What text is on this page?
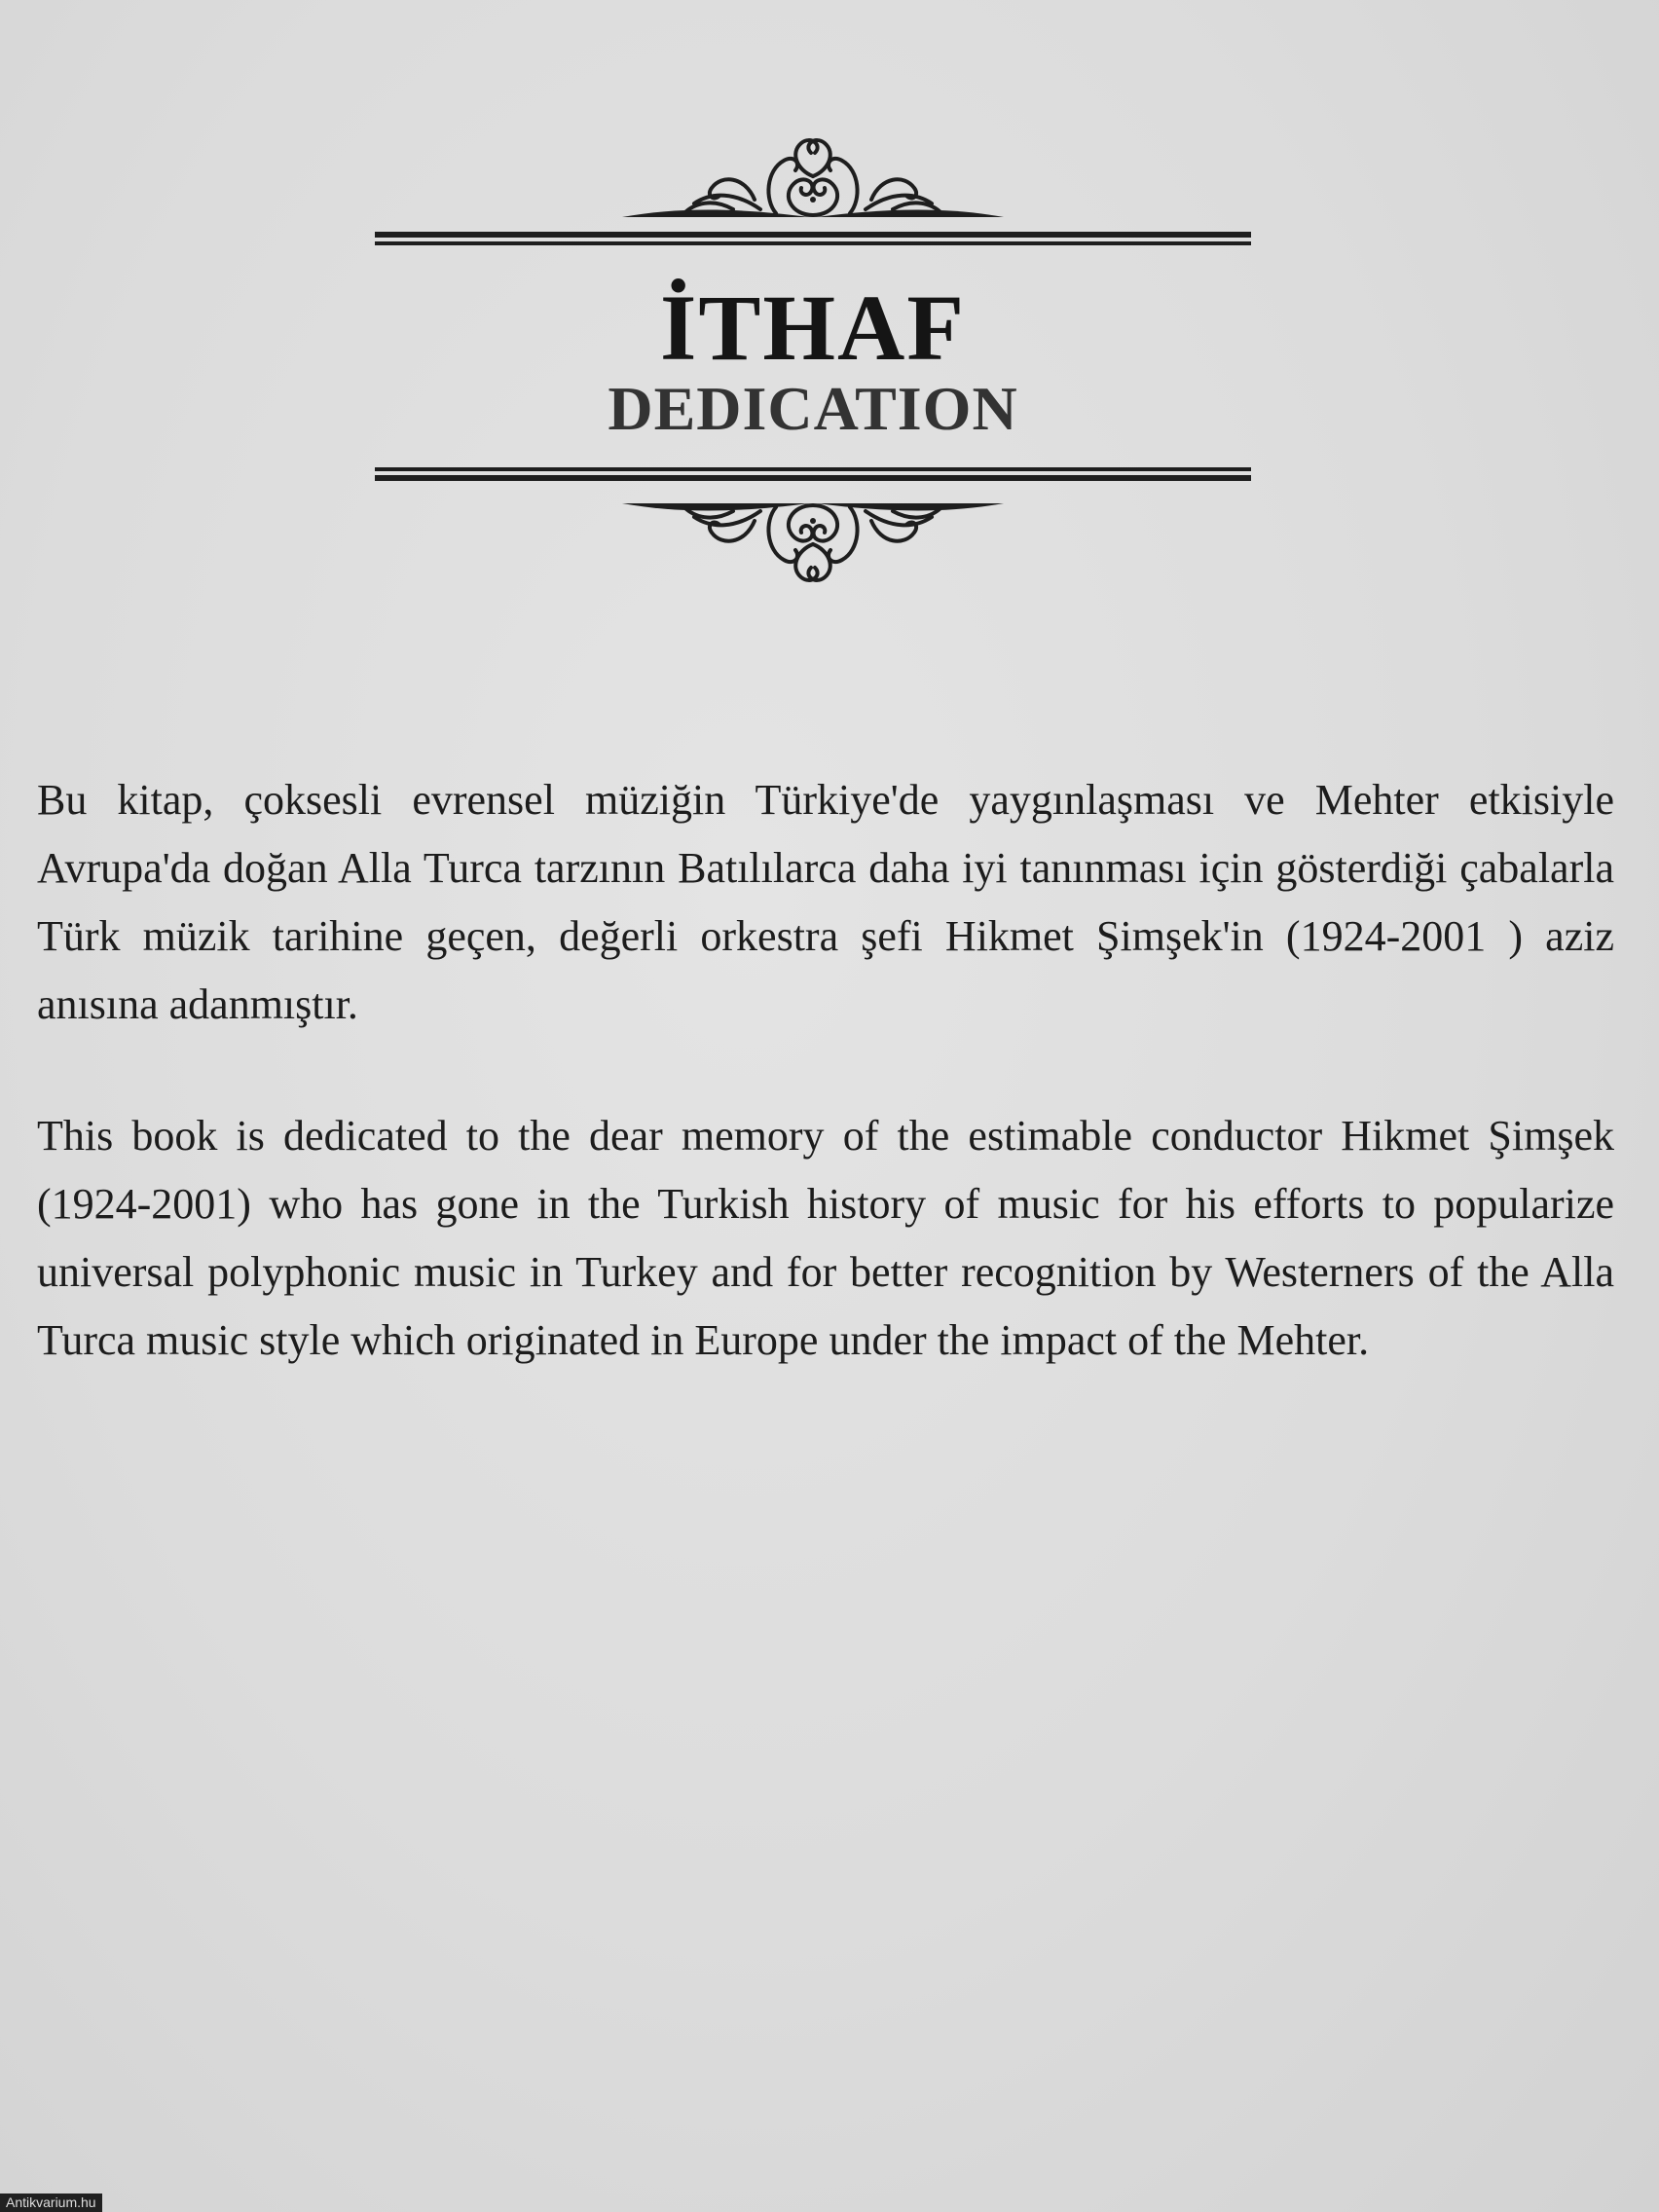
İTHAF
DEDICATION

Bu kitap, çoksesli evrensel müziğin Türkiye'de yaygınlaşması ve Mehter etkisiyle Avrupa'da doğan Alla Turca tarzının Batılılarca daha iyi tanınması için gösterdiği çabalarla Türk müzik tarihine geçen, değerli orkestra şefi Hikmet Şimşek'in (1924-2001 ) aziz anısına adanmıştır.

This book is dedicated to the dear memory of the estimable conductor Hikmet Şimşek (1924-2001) who has gone in the Turkish history of music for his efforts to popularize universal polyphonic music in Turkey and for better recognition by Westerners of the Alla Turca music style which originated in Europe under the impact of the Mehter.

Antikvarium.hu
